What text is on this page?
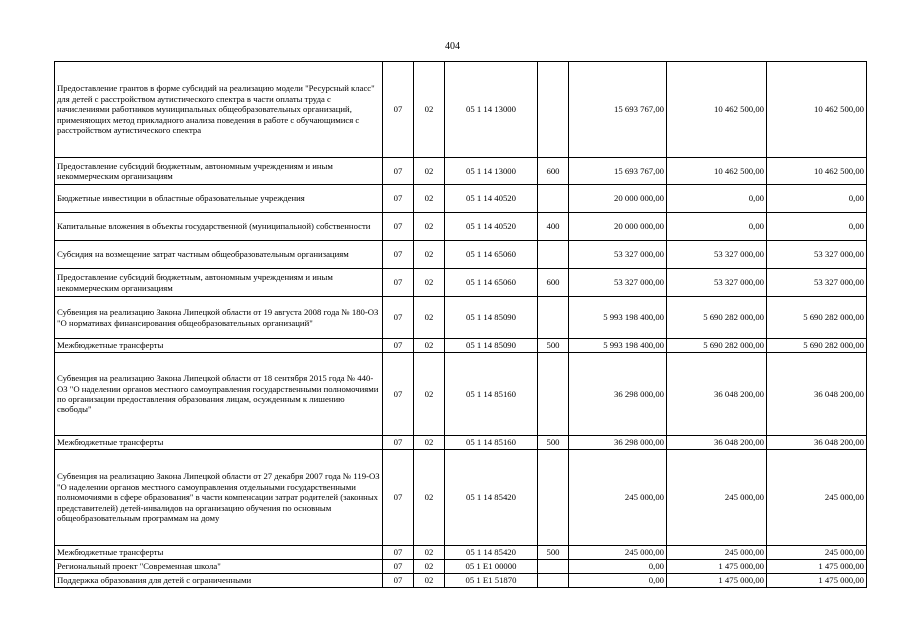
404
Предоставление грантов в форме субсидий на реализацию модели "Ресурсный класс" для детей с расстройством аутистического спектра в части оплаты труда с начислениями работников муниципальных общеобразовательных организаций, применяющих метод прикладного анализа поведения в работе с обучающимися с расстройством аутистического спектра	07	02	05 1 14 13000		15 693 767,00	10 462 500,00	10 462 500,00
Предоставление субсидий бюджетным, автономным учреждениям и иным некоммерческим организациям	07	02	05 1 14 13000	600	15 693 767,00	10 462 500,00	10 462 500,00
Бюджетные инвестиции в областные образовательные учреждения	07	02	05 1 14 40520		20 000 000,00	0,00	0,00
Капитальные вложения в объекты государственной (муниципальной) собственности	07	02	05 1 14 40520	400	20 000 000,00	0,00	0,00
Субсидия на возмещение затрат частным общеобразовательным организациям	07	02	05 1 14 65060		53 327 000,00	53 327 000,00	53 327 000,00
Предоставление субсидий бюджетным, автономным учреждениям и иным некоммерческим организациям	07	02	05 1 14 65060	600	53 327 000,00	53 327 000,00	53 327 000,00
Субвенция на реализацию Закона Липецкой области от 19 августа 2008 года № 180-ОЗ "О нормативах финансирования общеобразовательных организаций"	07	02	05 1 14 85090		5 993 198 400,00	5 690 282 000,00	5 690 282 000,00
Межбюджетные трансферты	07	02	05 1 14 85090	500	5 993 198 400,00	5 690 282 000,00	5 690 282 000,00
Субвенция на реализацию Закона Липецкой области от 18 сентября 2015 года № 440-ОЗ "О наделении органов местного самоуправления государственными полномочиями по организации предоставления образования лицам, осужденным к лишению свободы"	07	02	05 1 14 85160		36 298 000,00	36 048 200,00	36 048 200,00
Межбюджетные трансферты	07	02	05 1 14 85160	500	36 298 000,00	36 048 200,00	36 048 200,00
Субвенция на реализацию Закона Липецкой области от 27 декабря 2007 года № 119-ОЗ "О наделении органов местного самоуправления отдельными государственными полномочиями в сфере образования" в части компенсации затрат родителей (законных представителей) детей-инвалидов на организацию обучения по основным общеобразовательным программам на дому	07	02	05 1 14 85420		245 000,00	245 000,00	245 000,00
Межбюджетные трансферты	07	02	05 1 14 85420	500	245 000,00	245 000,00	245 000,00
Региональный проект "Современная школа"	07	02	05 1 E1 00000		0,00	1 475 000,00	1 475 000,00
Поддержка образования для детей с ограниченными	07	02	05 1 E1 51870		0,00	1 475 000,00	1 475 000,00
